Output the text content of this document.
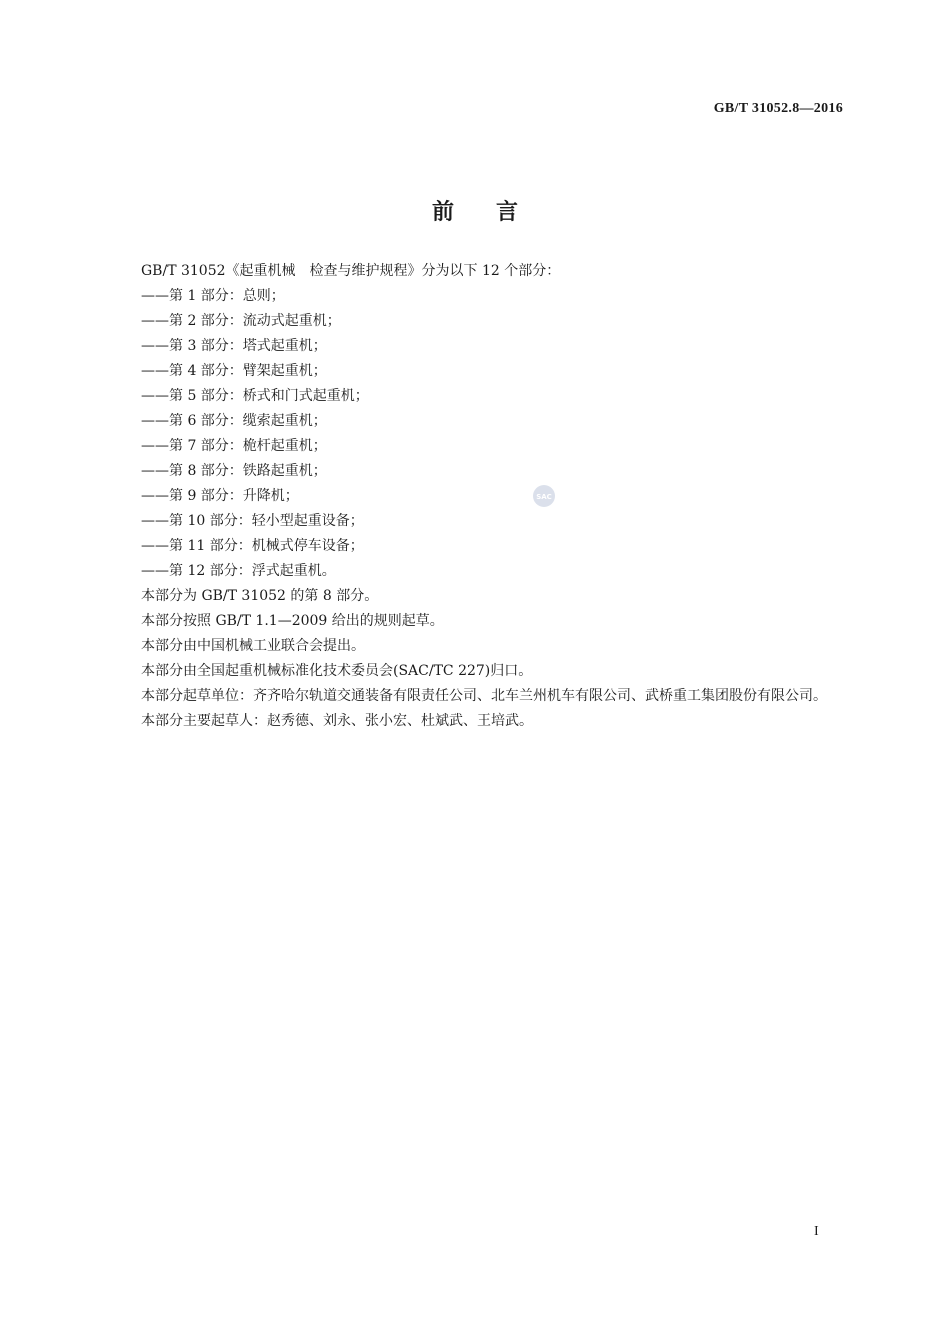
GB/T 31052.8—2016
前言

GB/T 31052《起重机械　检查与维护规程》分为以下 12 个部分：

——第 1 部分：总则；

——第 2 部分：流动式起重机；

——第 3 部分：塔式起重机；

——第 4 部分：臂架起重机；

——第 5 部分：桥式和门式起重机；

——第 6 部分：缆索起重机；

——第 7 部分：桅杆起重机；

——第 8 部分：铁路起重机；

——第 9 部分：升降机；

——第 10 部分：轻小型起重设备；

——第 11 部分：机械式停车设备；

——第 12 部分：浮式起重机。

本部分为 GB/T 31052 的第 8 部分。

本部分按照 GB/T 1.1—2009 给出的规则起草。

本部分由中国机械工业联合会提出。

本部分由全国起重机械标准化技术委员会(SAC/TC 227)归口。

本部分起草单位：齐齐哈尔轨道交通装备有限责任公司、北车兰州机车有限公司、武桥重工集团股份有限公司。

本部分主要起草人：赵秀德、刘永、张小宏、杜斌武、王培武。

SAC
I
